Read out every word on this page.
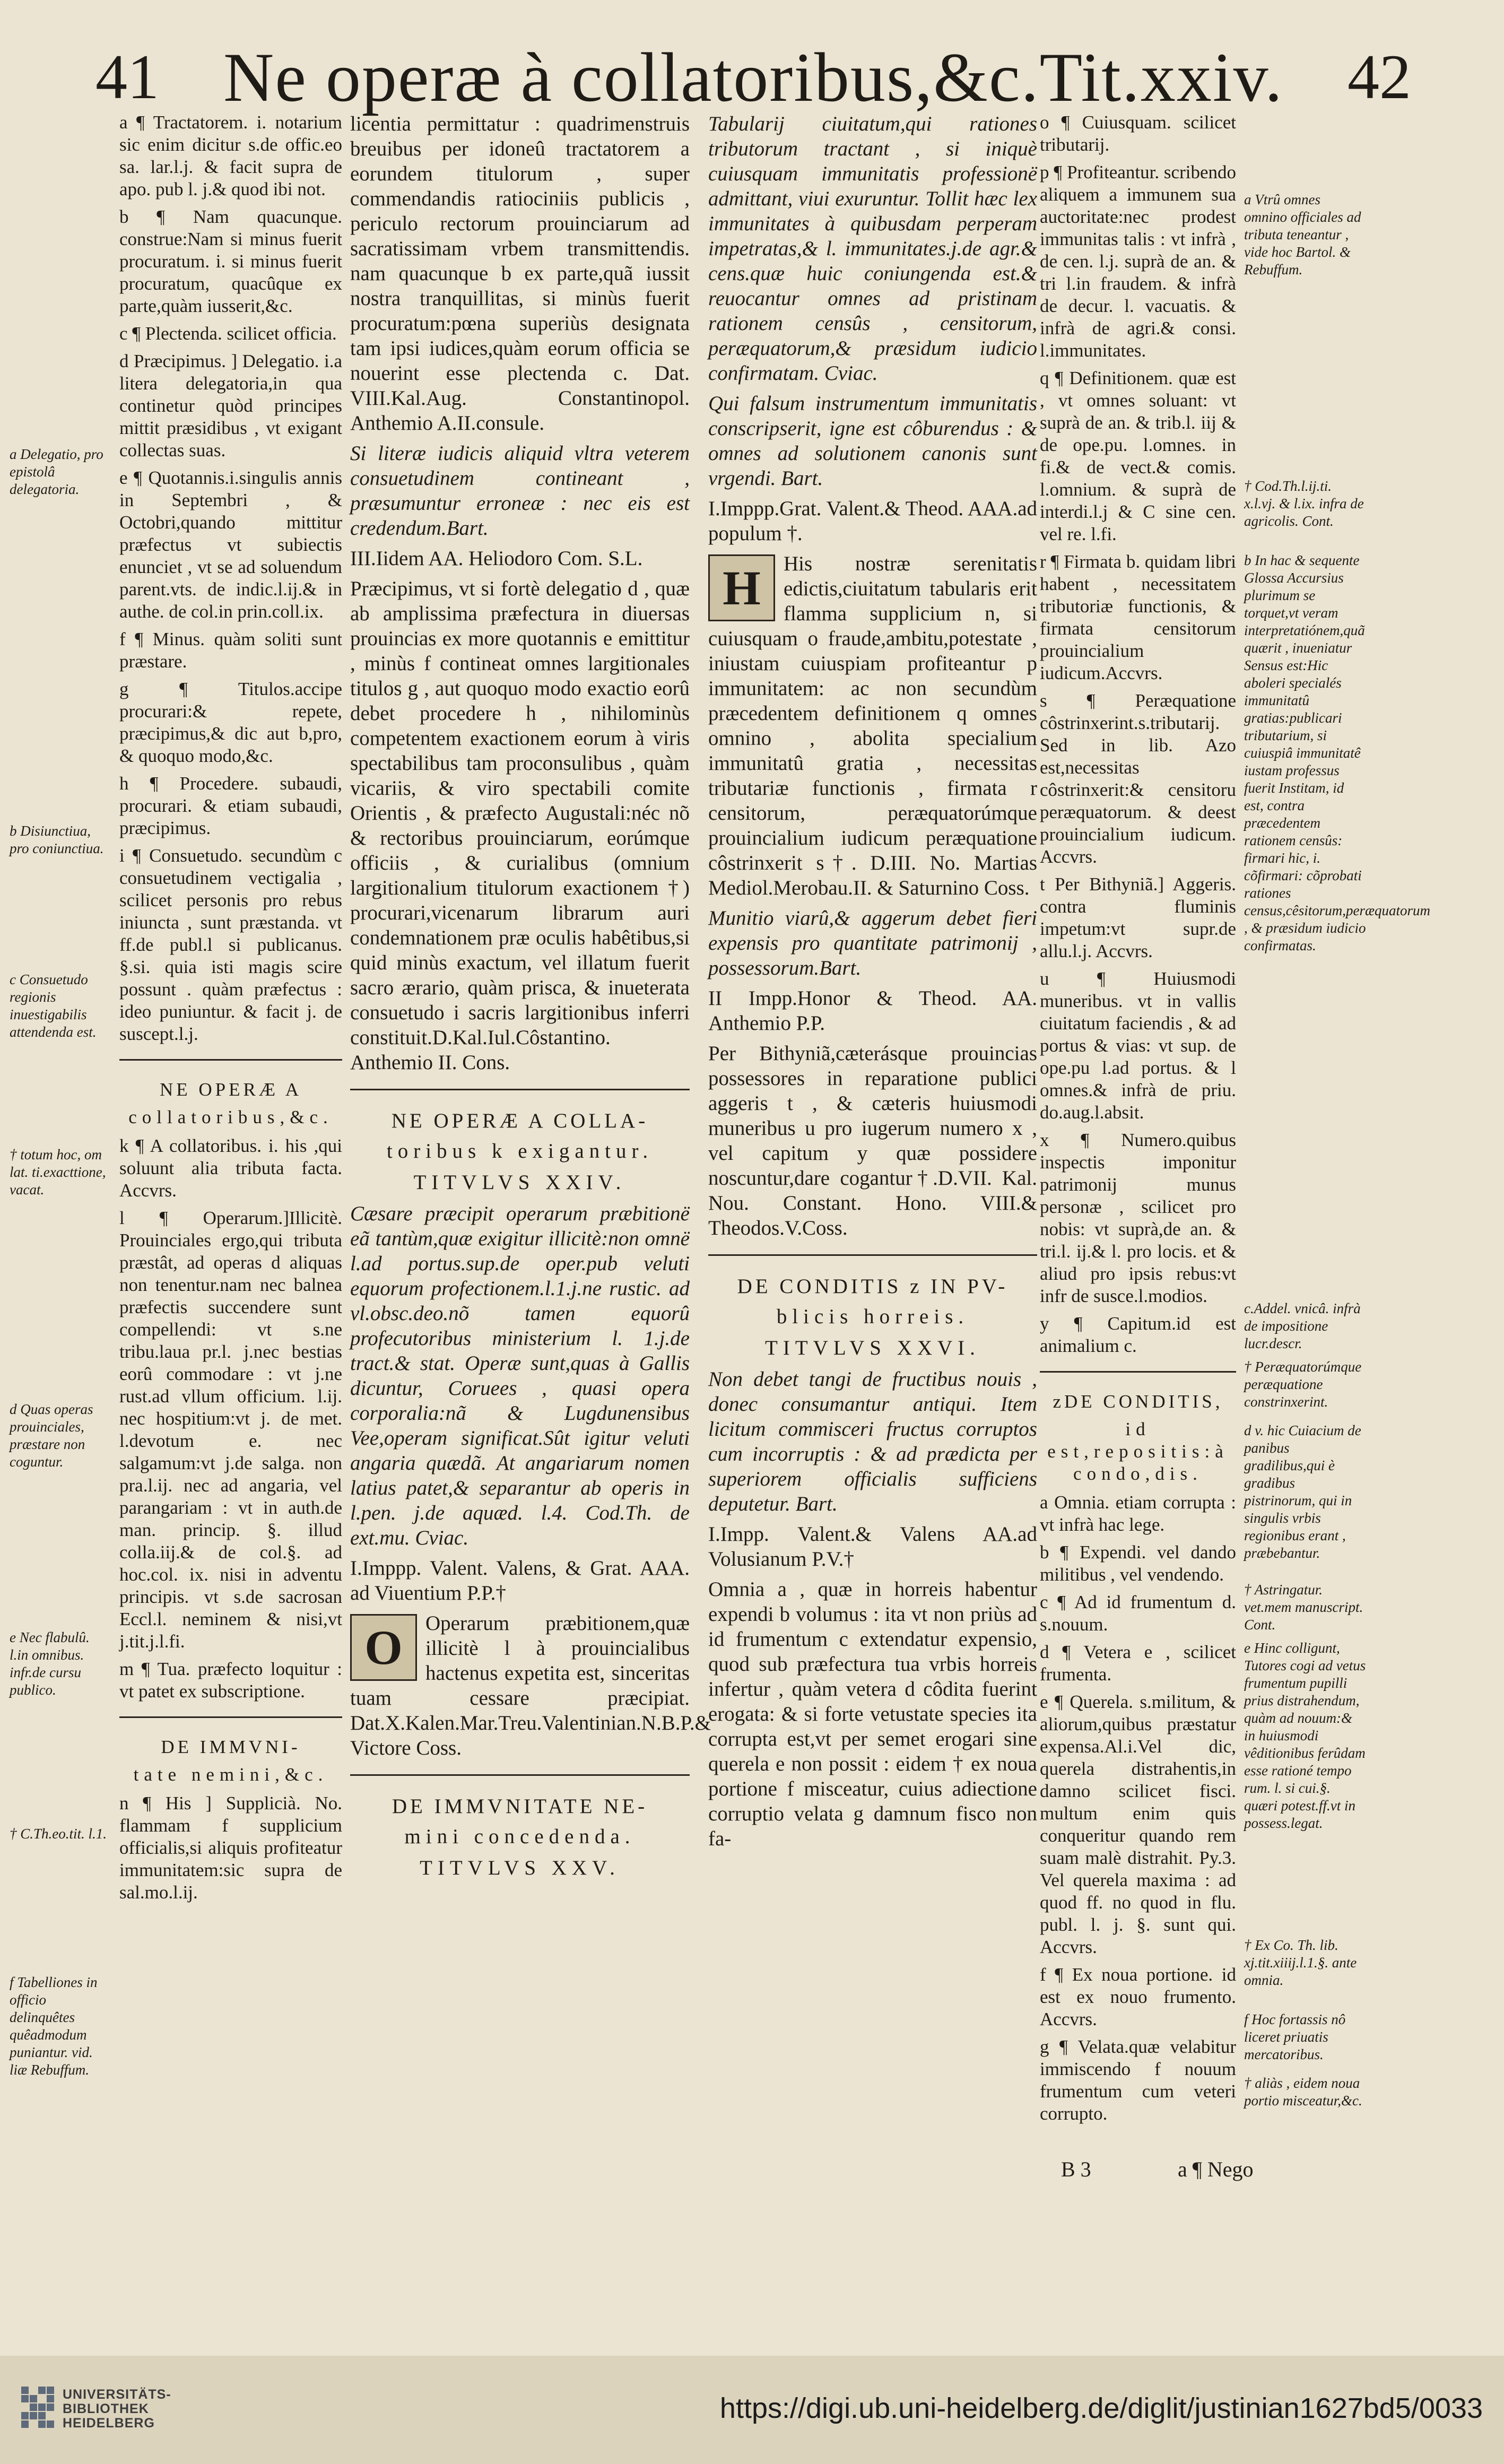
41 Ne operæ à collatoribus,&c.Tit.xxiv. 42

a Delegatio, pro epistolâ delegatoria.

b Disiunctiua, pro coniunctiua.

c Consuetudo regionis inuestigabilis attendenda est.

† totum hoc, om lat. ti.exacttione, vacat.

d Quas operas prouinciales, præstare non coguntur.

e Nec flabulû. l.in omnibus. infr.de cursu publico.

† C.Th.eo.tit. l.1.

f Tabelliones in officio delinquêtes quêadmodum puniantur. vid. liæ Rebuffum.

a ¶ Tractatorem. i. notarium sic enim dicitur s.de offic.eo sa. lar.l.j. & facit supra de apo. pub l. j.& quod ibi not.

b ¶ Nam quacunque. construe:Nam si minus fuerit procuratum. i. si minus fuerit procuratum, quacûque ex parte,quàm iusserit,&c.

c ¶ Plectenda. scilicet officia.

d Præcipimus. ] Delegatio. i.a litera delegatoria,in qua continetur quòd principes mittit præsidibus , vt exigant collectas suas.

e ¶ Quotannis.i.singulis annis in Septembri , & Octobri,quando mittitur præfectus vt subiectis enunciet , vt se ad soluendum parent.vts. de indic.l.ij.& in authe. de col.in prin.coll.ix.

f ¶ Minus. quàm soliti sunt præstare.

g ¶ Titulos.accipe procurari:& repete, præcipimus,& dic aut b,pro, & quoquo modo,&c.

h ¶ Procedere. subaudi, procurari. & etiam subaudi, præcipimus.

i ¶ Consuetudo. secundùm c consuetudinem vectigalia , scilicet personis pro rebus iniuncta , sunt præstanda. vt ff.de publ.l si publicanus. §.si. quia isti magis scire possunt . quàm præfectus : ideo puniuntur. & facit j. de suscept.l.j.

NE OPERÆ A
collatoribus,&c.

k ¶ A collatoribus. i. his ,qui soluunt alia tributa facta. Accvrs.

l ¶ Operarum.]Illicitè. Prouinciales ergo,qui tributa præstât, ad operas d aliquas non tenentur.nam nec balnea præfectis succendere sunt compellendi: vt s.ne tribu.laua pr.l. j.nec bestias eorû commodare : vt j.ne rust.ad vllum officium. l.ij. nec hospitium:vt j. de met. l.devotum e. nec salgamum:vt j.de salga. non pra.l.ij. nec ad angaria, vel parangariam : vt in auth.de man. princip. §. illud colla.iij.& de col.§. ad hoc.col. ix. nisi in adventu principis. vt s.de sacrosan Eccl.l. neminem & nisi,vt j.tit.j.l.fi.

m ¶ Tua. præfecto loquitur : vt patet ex subscriptione.

DE IMMVNI-
tate nemini,&c.

n ¶ His ] Supplicià. No. flammam f supplicium officialis,si aliquis profiteatur immunitatem:sic supra de sal.mo.l.ij.

licentia permittatur : quadrimenstruis breuibus per idoneû tractatorem a eorundem titulorum , super commendandis ratiociniis publicis , periculo rectorum prouinciarum ad sacratissimam vrbem transmittendis. nam quacunque b ex parte,quã iussit nostra tranquillitas, si minùs fuerit procuratum:pœna superiùs designata tam ipsi iudices,quàm eorum officia se nouerint esse plectenda c. Dat. VIII.Kal.Aug. Constantinopol. Anthemio A.II.consule.

Si literæ iudicis aliquid vltra veterem consuetudinem contineant , præsumuntur erroneæ : nec eis est credendum.Bart.

III.Iidem AA. Heliodoro Com. S.L.

Præcipimus, vt si fortè delegatio d , quæ ab amplissima præfectura in diuersas prouincias ex more quotannis e emittitur , minùs f contineat omnes largitionales titulos g , aut quoquo modo exactio eorû debet procedere h , nihilominùs competentem exactionem eorum à viris spectabilibus tam proconsulibus , quàm vicariis, & viro spectabili comite Orientis , & præfecto Augustali:néc nõ & rectoribus prouinciarum, eorúmque officiis , & curialibus (omnium largitionalium titulorum exactionem †) procurari,vicenarum librarum auri condemnationem præ oculis habêtibus,si quid minùs exactum, vel illatum fuerit sacro ærario, quàm prisca, & inueterata consuetudo i sacris largitionibus inferri constituit.D.Kal.Iul.Côstantino. Anthemio II. Cons.

NE OPERÆ A COLLA-
toribus k exigantur.
TITVLVS XXIV.

Cæsare præcipit operarum præbitionë eã tantùm,quæ exigitur illicitè:non omnë l.ad portus.sup.de oper.pub veluti equorum profectionem.l.1.j.ne rustic. ad vl.obsc.deo.nõ tamen equorû profecutoribus ministerium l. 1.j.de tract.& stat. Operæ sunt,quas à Gallis dicuntur, Coruees , quasi opera corporalia:nã & Lugdunensibus Vee,operam significat.Sût igitur veluti angaria quædã. At angariarum nomen latius patet,& separantur ab operis in l.pen. j.de aquæd. l.4. Cod.Th. de ext.mu. Cviac.

I.Imppp. Valent. Valens, & Grat. AAA. ad Viuentium P.P.†

O	Operarum præbitionem,quæ illicitè l à prouincialibus hactenus expetita est, sinceritas tuam cessare præcipiat. Dat.X.Kalen.Mar.Treu.Valentinian.N.B.P.& Victore Coss.

DE IMMVNITATE NE-
mini concedenda.
TITVLVS XXV.

Tabularij ciuitatum,qui rationes tributorum tractant , si iniquè cuiusquam immunitatis professionë admittant, viui exuruntur. Tollit hæc lex immunitates à quibusdam perperam impetratas,& l. immunitates.j.de agr.& cens.quæ huic coniungenda est.& reuocantur omnes ad pristinam rationem censûs , censitorum, peræquatorum,& præsidum iudicio confirmatam. Cviac.

Qui falsum instrumentum immunitatis conscripserit, igne est côburendus : & omnes ad solutionem canonis sunt vrgendi. Bart.

I.Imppp.Grat. Valent.& Theod. AAA.ad populum †.

H	His nostræ serenitatis edictis,ciuitatum tabularis erit flamma supplicium n, si cuiusquam o fraude,ambitu,potestate , iniustam cuiuspiam profiteantur p immunitatem: ac non secundùm præcedentem definitionem q omnes omnino , abolita specialium immunitatû gratia , necessitas tributariæ functionis , firmata r censitorum, peræquatorúmque prouincialium iudicum peræquatione côstrinxerit s†. D.III. No. Martias Mediol.Merobau.II. & Saturnino Coss.

Munitio viarû,& aggerum debet fieri expensis pro quantitate patrimonij , possessorum.Bart.

II Impp.Honor & Theod. AA. Anthemio P.P.

Per Bithyniã,cæterásque prouincias possessores in reparatione publici aggeris t , & cæteris huiusmodi muneribus u pro iugerum numero x , vel capitum y quæ possidere noscuntur,dare cogantur†.D.VII. Kal. Nou. Constant. Hono. VIII.& Theodos.V.Coss.

DE CONDITIS z IN PV-
blicis horreis.
TITVLVS XXVI.

Non debet tangi de fructibus nouis , donec consumantur antiqui. Item licitum commisceri fructus corruptos cum incorruptis : & ad prædicta per superiorem officialis sufficiens deputetur. Bart.

I.Impp. Valent.& Valens AA.ad Volusianum P.V.†

Omnia a , quæ in horreis habentur expendi b volumus : ita vt non priùs ad id frumentum c extendatur expensio, quod sub præfectura tua vrbis horreis infertur , quàm vetera d côdita fuerint erogata: & si forte vetustate species ita corrupta est,vt per semet erogari sine querela e non possit : eidem † ex noua portione f misceatur, cuius adiectione corruptio velata g damnum fisco non fa-

o ¶ Cuiusquam. scilicet tributarij.

p ¶ Profiteantur. scribendo aliquem a immunem sua auctoritate:nec prodest immunitas talis : vt infrà , de cen. l.j. suprà de an. & tri l.in fraudem. & infrà de decur. l. vacuatis. & infrà de agri.& consi. l.immunitates.

q ¶ Definitionem. quæ est , vt omnes soluant: vt suprà de an. & trib.l. iij & de ope.pu. l.omnes. in fi.& de vect.& comis. l.omnium. & suprà de interdi.l.j & C sine cen. vel re. l.fi.

r ¶ Firmata b. quidam libri habent , necessitatem tributoriæ functionis, & firmata censitorum prouincialium iudicum.Accvrs.

s ¶ Peræquatione côstrinxerint.s.tributarij. Sed in lib. Azo est,necessitas côstrinxerit:& censitoru peræquatorum. & deest prouincialium iudicum. Accvrs.

t Per Bithyniã.] Aggeris. contra fluminis impetum:vt supr.de allu.l.j. Accvrs.

u ¶ Huiusmodi muneribus. vt in vallis ciuitatum faciendis , & ad portus & vias: vt sup. de ope.pu l.ad portus. & l omnes.& infrà de priu. do.aug.l.absit.

x ¶ Numero.quibus inspectis imponitur patrimonij munus personæ , scilicet pro nobis: vt suprà,de an. & tri.l. ij.& l. pro locis. et & aliud pro ipsis rebus:vt infr de susce.l.modios.

y ¶ Capitum.id est animalium c.

zDE CONDITIS,
id est,repositis:à condo,dis.

a Omnia. etiam corrupta : vt infrà hac lege.

b ¶ Expendi. vel dando militibus , vel vendendo.

c ¶ Ad id frumentum d. s.nouum.

d ¶ Vetera e , scilicet frumenta.

e ¶ Querela. s.militum, & aliorum,quibus præstatur expensa.Al.i.Vel dic, querela distrahentis,in damno scilicet fisci. multum enim quis conqueritur quando rem suam malè distrahit. Py.3. Vel querela maxima : ad quod ff. no quod in flu. publ. l. j. §. sunt qui. Accvrs.

f ¶ Ex noua portione. id est ex nouo frumento. Accvrs.

g ¶ Velata.quæ velabitur immiscendo f nouum frumentum cum veteri corrupto.

a Vtrû omnes omnino officiales ad tributa teneantur , vide hoc Bartol. & Rebuffum.

† Cod.Th.l.ij.ti. x.l.vj. & l.ix. infra de agricolis. Cont.

b In hac & sequente Glossa Accursius plurimum se torquet,vt veram interpretatiónem,quã quærit , inueniatur Sensus est:Hic aboleri specialés immunitatû gratias:publicari tributarium, si cuiuspiâ immunitatê iustam professus fuerit Institam, id est, contra præcedentem rationem censûs: firmari hic, i. cõfirmari: cõprobati rationes census,cêsitorum,peræquatorum , & præsidum iudicio confirmatas.

c.Addel. vnicâ. infrà de impositione lucr.descr.

† Peræquatorúmque peræquatione constrinxerint.

d v. hic Cuiacium de panibus gradilibus,qui è gradibus pistrinorum, qui in singulis vrbis regionibus erant , præbebantur.

† Astringatur. vet.mem manuscript. Cont.

e Hinc colligunt, Tutores cogi ad vetus frumentum pupilli prius distrahendum, quàm ad nouum:& in huiusmodi vêditionibus ferûdam esse rationé tempo rum. l. si cui.§. quæri potest.ff.vt in possess.legat.

† Ex Co. Th. lib. xj.tit.xiiij.l.1.§. ante omnia.

f Hoc fortassis nô liceret priuatis mercatoribus.

† aliàs , eidem noua portio misceatur,&c.

B 3	a ¶ Nego
UNIVERSITÄTS-
BIBLIOTHEK
HEIDELBERG	https://digi.ub.uni-heidelberg.de/diglit/justinian1627bd5/0033
